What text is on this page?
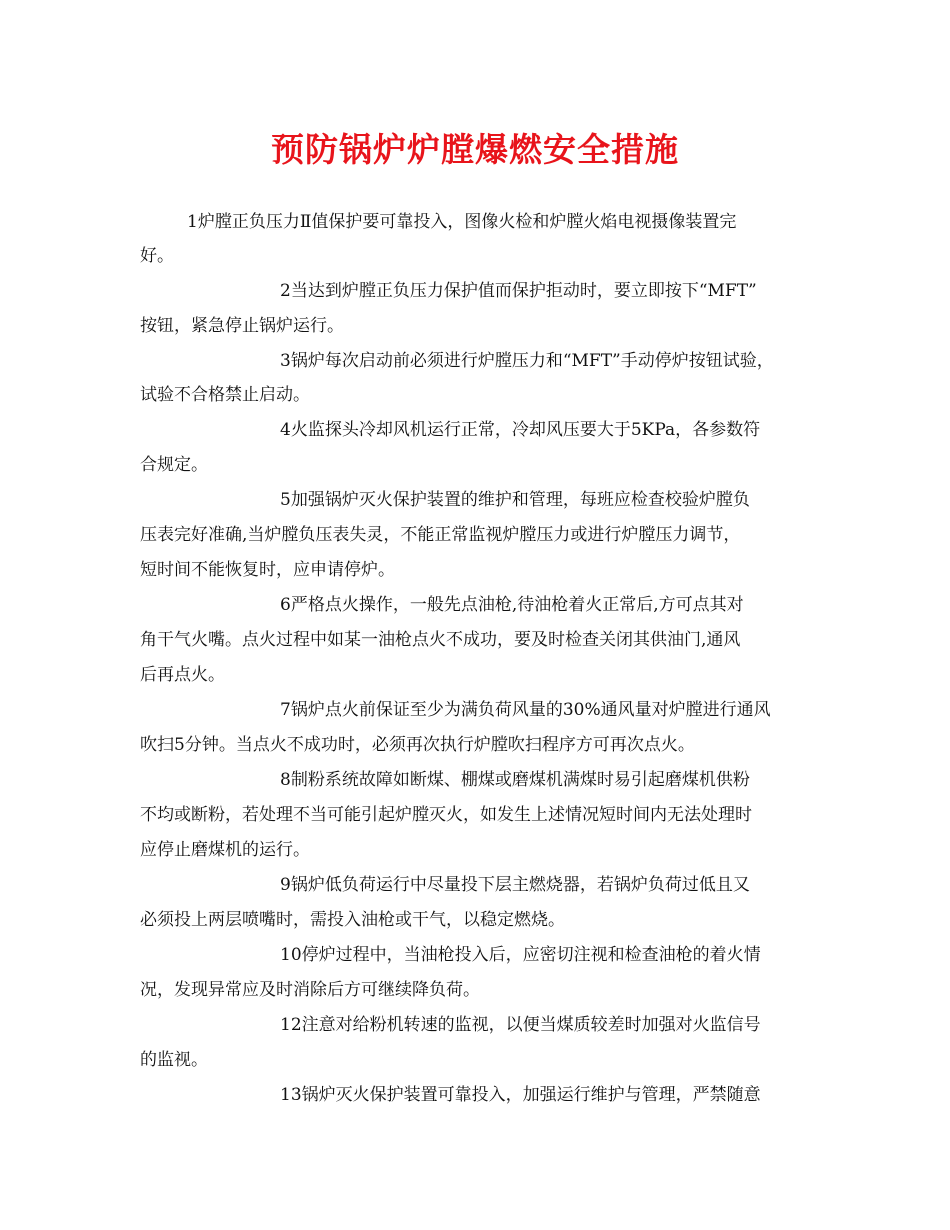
预防锅炉炉膛爆燃安全措施

1炉膛正负压力Ⅱ值保护要可靠投入，图像火检和炉膛火焰电视摄像装置完

好。

2当达到炉膛正负压力保护值而保护拒动时，要立即按下“MFT”

按钮，紧急停止锅炉运行。

3锅炉每次启动前必须进行炉膛压力和“MFT”手动停炉按钮试验，

试验不合格禁止启动。

4火监探头冷却风机运行正常，冷却风压要大于5KPa，各参数符

合规定。

5加强锅炉灭火保护装置的维护和管理，每班应检查校验炉膛负

压表完好准确,当炉膛负压表失灵，不能正常监视炉膛压力或进行炉膛压力调节，

短时间不能恢复时，应申请停炉。

6严格点火操作，一般先点油枪,待油枪着火正常后,方可点其对

角干气火嘴。点火过程中如某一油枪点火不成功，要及时检查关闭其供油门,通风

后再点火。

7锅炉点火前保证至少为满负荷风量的30%通风量对炉膛进行通风

吹扫5分钟。当点火不成功时，必须再次执行炉膛吹扫程序方可再次点火。

8制粉系统故障如断煤、棚煤或磨煤机满煤时易引起磨煤机供粉

不均或断粉，若处理不当可能引起炉膛灭火，如发生上述情况短时间内无法处理时

应停止磨煤机的运行。

9锅炉低负荷运行中尽量投下层主燃烧器，若锅炉负荷过低且又

必须投上两层喷嘴时，需投入油枪或干气，以稳定燃烧。

10停炉过程中，当油枪投入后，应密切注视和检查油枪的着火情

况，发现异常应及时消除后方可继续降负荷。

12注意对给粉机转速的监视，以便当煤质较差时加强对火监信号

的监视。

13锅炉灭火保护装置可靠投入，加强运行维护与管理，严禁随意
